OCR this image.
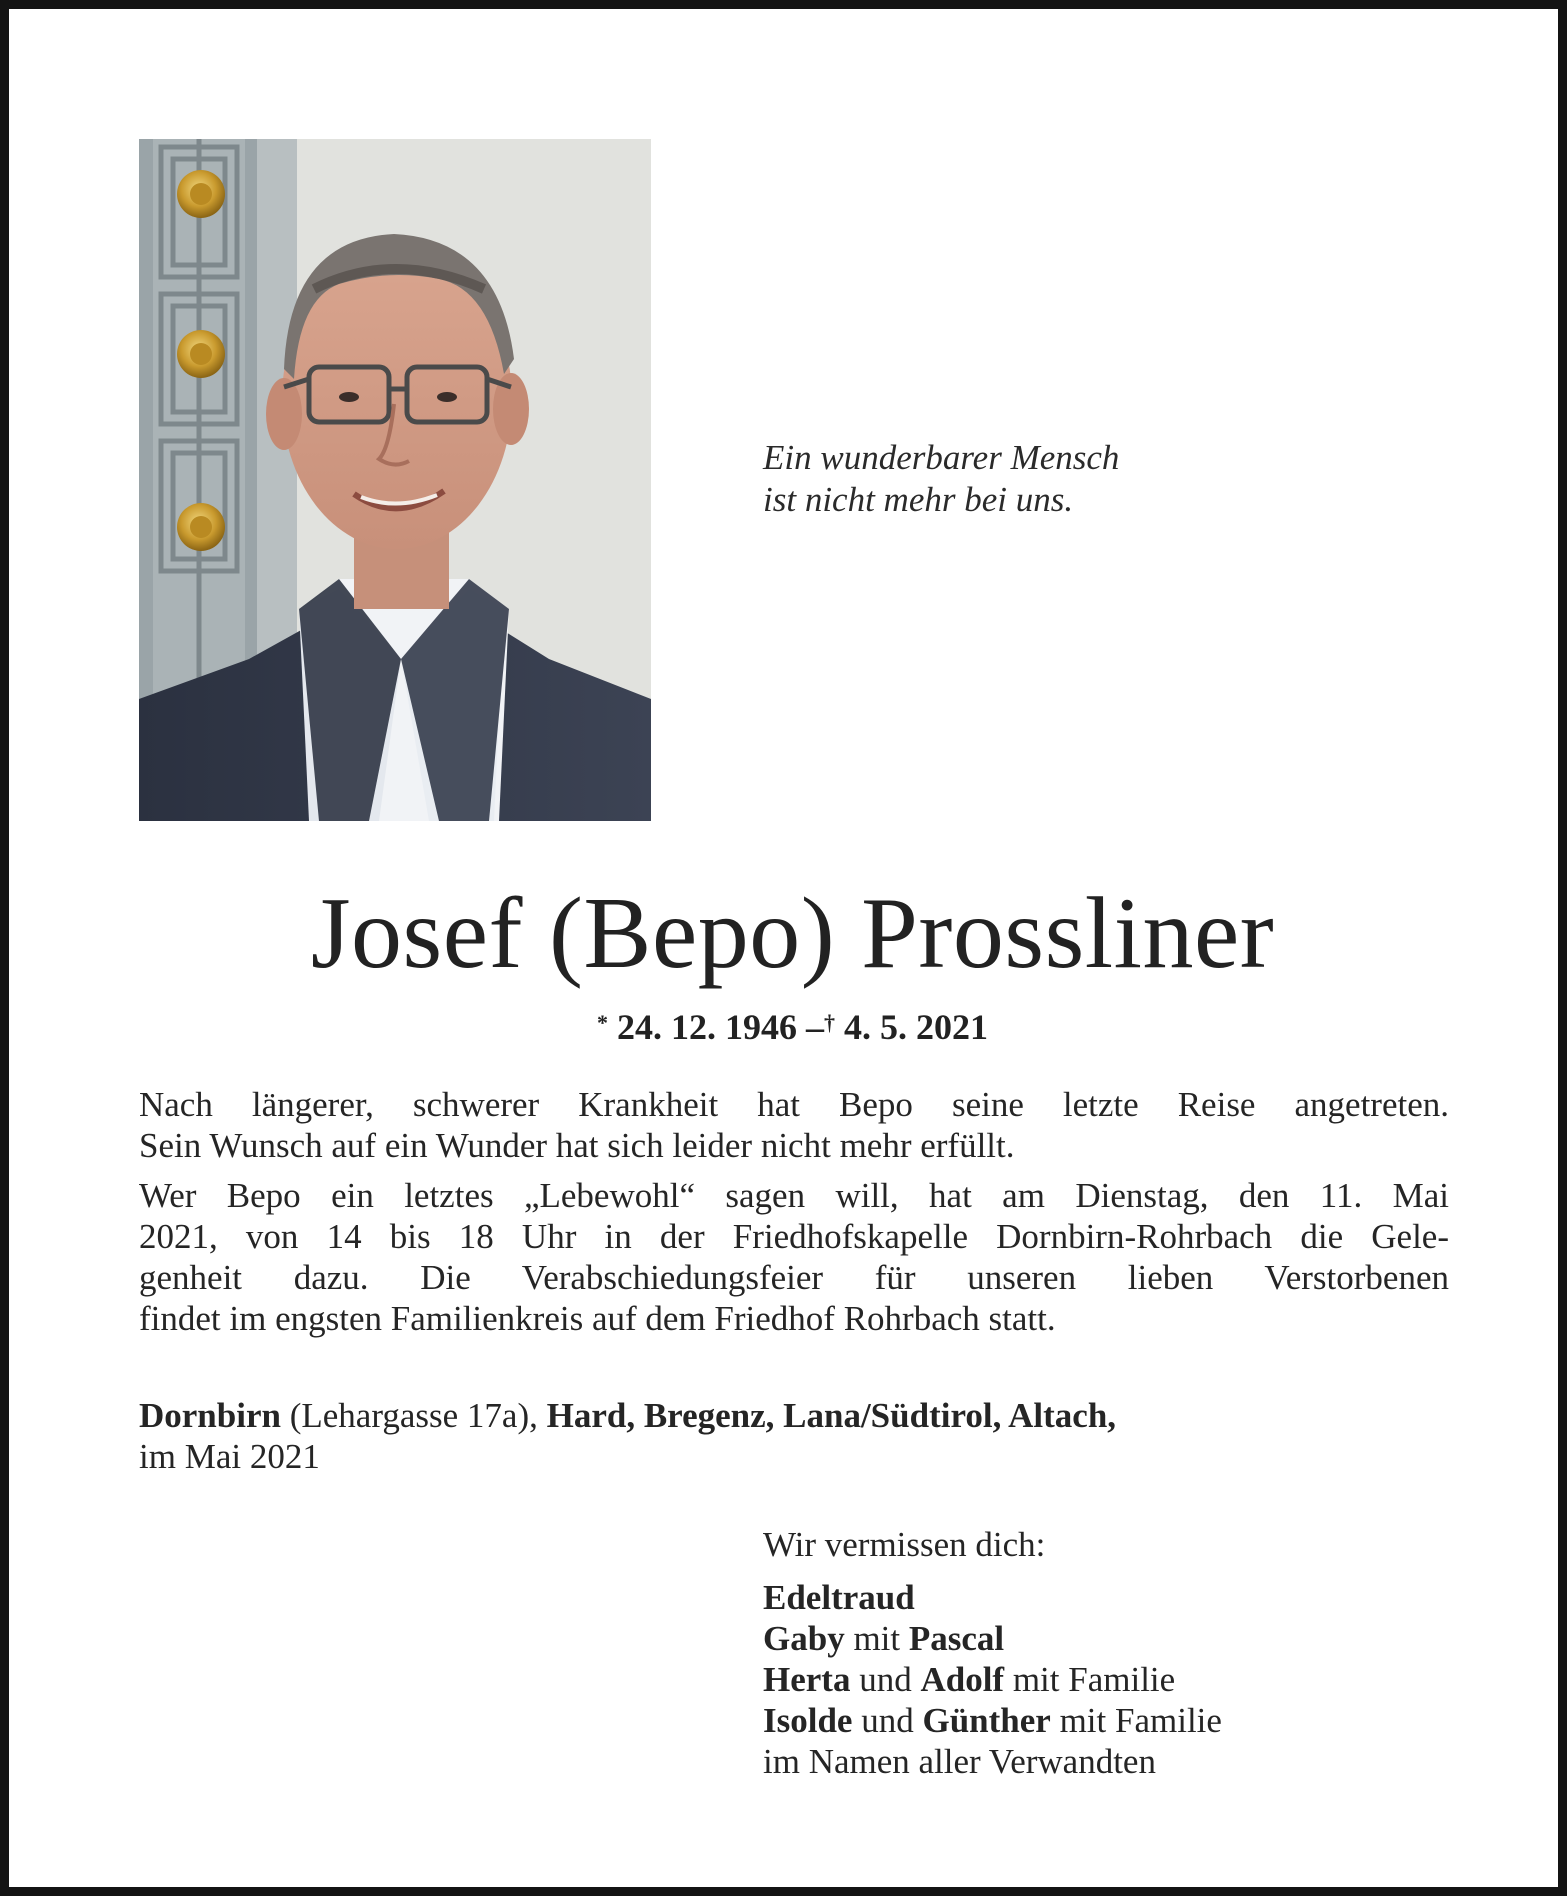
Ein wunderbarer Mensch
ist nicht mehr bei uns.
Josef (Bepo) Prossliner
* 24. 12. 1946 –† 4. 5. 2021

Nach längerer, schwerer Krankheit hat Bepo seine letzte Reise angetreten.

Sein Wunsch auf ein Wunder hat sich leider nicht mehr erfüllt.

Wer Bepo ein letztes „Lebewohl“ sagen will, hat am Dienstag, den 11. Mai

2021, von 14 bis 18 Uhr in der Friedhofskapelle Dornbirn-Rohrbach die Gele-

genheit dazu. Die Verabschiedungsfeier für unseren lieben Verstorbenen

findet im engsten Familienkreis auf dem Friedhof Rohrbach statt.

Dornbirn (Lehargasse 17a), Hard, Bregenz, Lana/Südtirol, Altach,
im Mai 2021
Wir vermissen dich:
Edeltraud
Gaby mit Pascal
Herta und Adolf mit Familie
Isolde und Günther mit Familie
im Namen aller Verwandten
